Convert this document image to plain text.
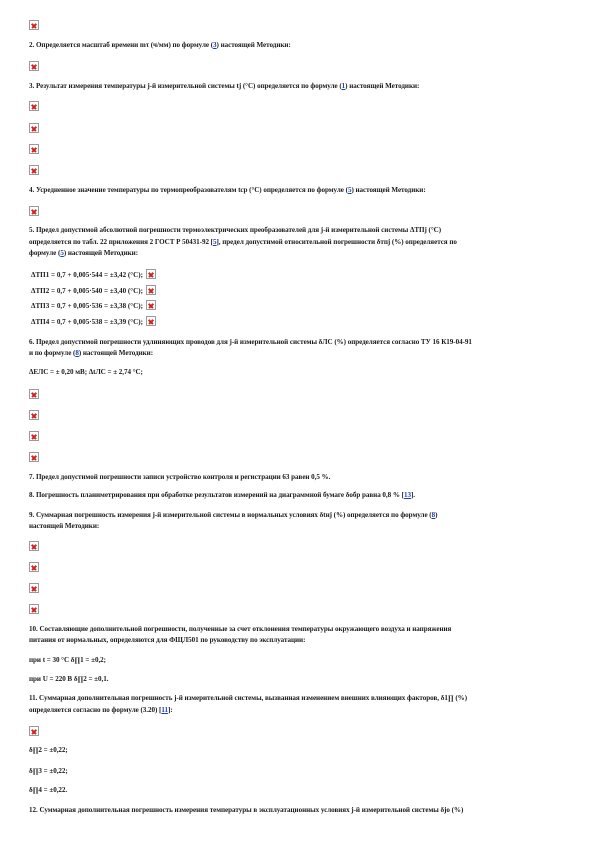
2. Определяется масштаб времени mτ (ч/мм) по формуле (3) настоящей Методики:
3. Результат измерения температуры j-й измерительной системы tj (°С) определяется по формуле (1) настоящей Методики:
4. Усредненное значение температуры по термопреобразователям tср (°С) определяется по формуле (5) настоящей Методики:
5. Предел допустимой абсолютной погрешности термоэлектрических преобразователей для j-й измерительной системы ΔТПj (°С)
определяется по табл. 22 приложения 2 ГОСТ Р 50431-92 [5], предел допустимой относительной погрешности δтпj (%) определяется по
формуле (5) настоящей Методики:
ΔТП1 = 0,7 + 0,005·544 = ±3,42 (°С);
ΔТП2 = 0,7 + 0,005·540 = ±3,40 (°С);
ΔТП3 = 0,7 + 0,005·536 = ±3,38 (°С);
ΔТП4 = 0,7 + 0,005·538 = ±3,39 (°С);
6. Предел допустимой погрешности удлиняющих проводов для j-й измерительной системы δЛС (%) определяется согласно ТУ 16 К19-04-91
и по формуле (8) настоящей Методики:
ΔЕЛС = ± 0,20 мВ; ΔtЛС = ± 2,74 °С;
7. Предел допустимой погрешности записи устройство контроля и регистрации 63 равен 0,5 %.
8. Погрешность планиметрирования при обработке результатов измерений на диаграммной бумаге δобр равна 0,8 % [13].
9. Суммарная погрешность измерения j-й измерительной системы в нормальных условиях δtнj (%) определяется по формуле (8)
настоящей Методики:
10. Составляющие дополнительной погрешности, полученные за счет отклонения температуры окружающего воздуха и напряжения
питания от нормальных, определяются для ФЩЛ501 по руководству по эксплуатации:
при t = 30 °С δ∏1 = ±0,2;
при U = 220 В δ∏2 = ±0,1.
11. Суммарная дополнительная погрешность j-й измерительной системы, вызванная изменением внешних влияющих факторов, δ1∏ (%)
определяется согласно по формуле (3.20) [11]:
δ∏2 = ±0,22;
δ∏3 = ±0,22;
δ∏4 = ±0,22.
12. Суммарная дополнительная погрешность измерения температуры в эксплуатационных условиях j-й измерительной системы δjo (%)
